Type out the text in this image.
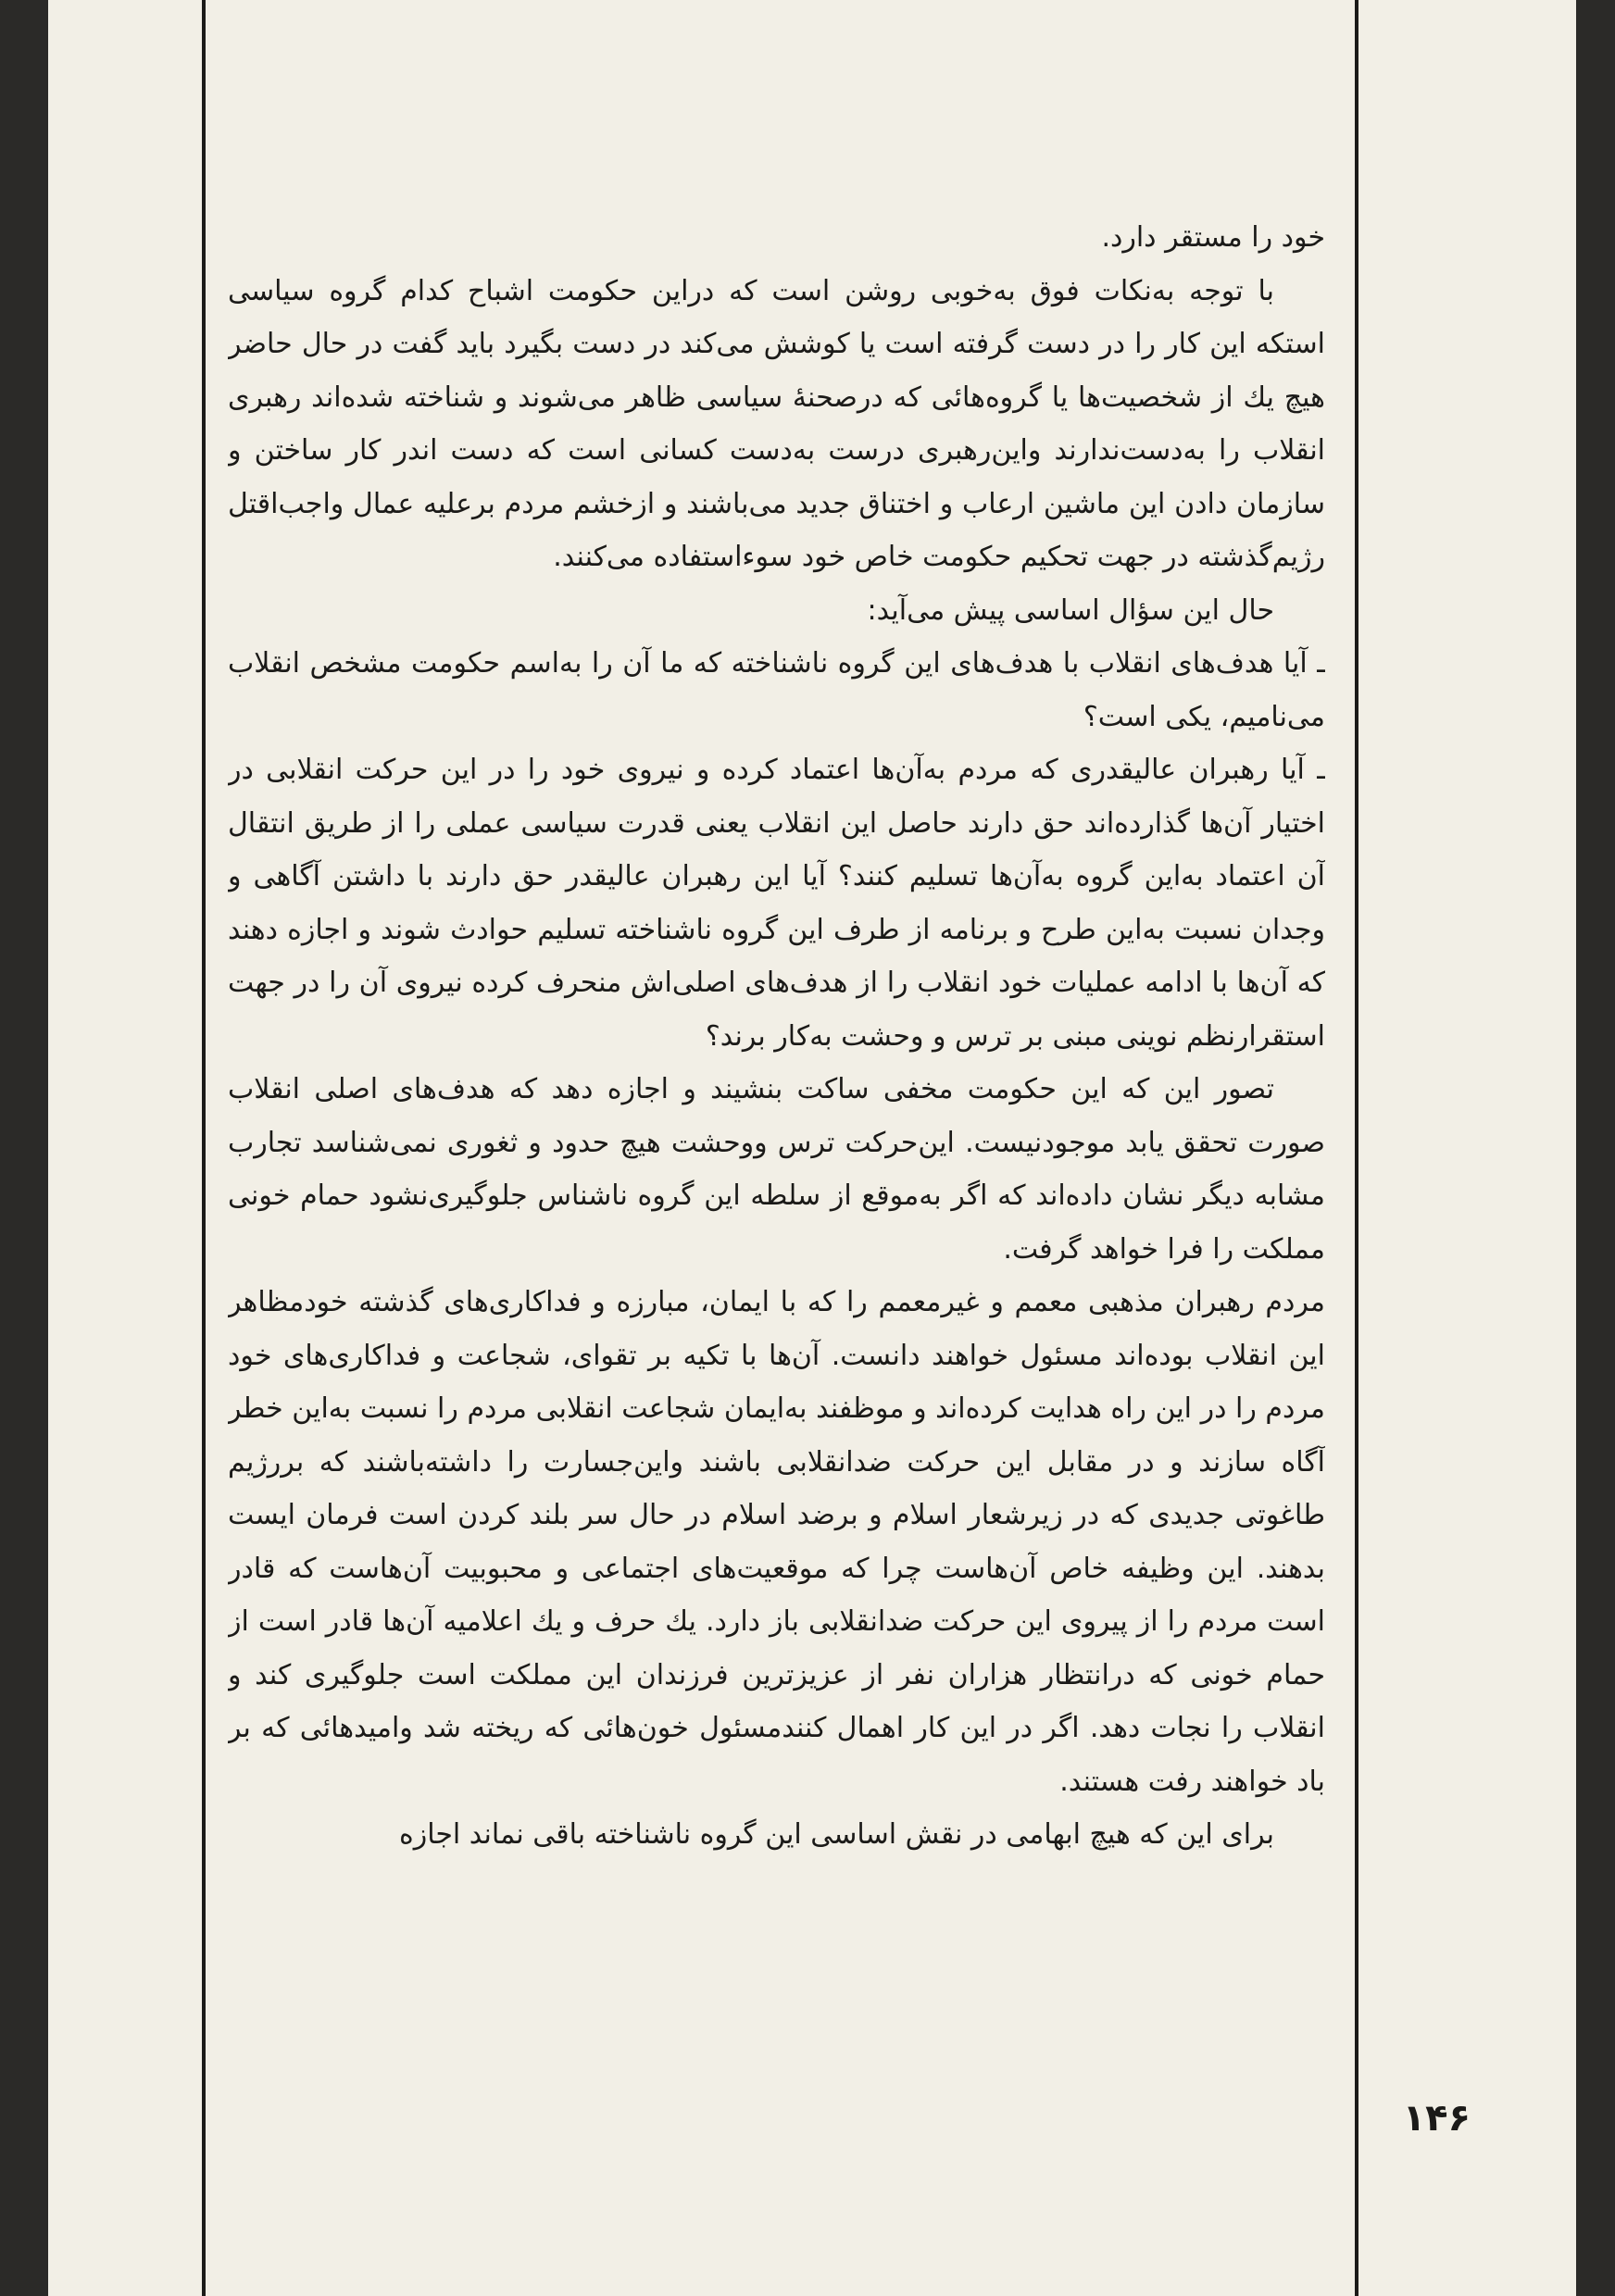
خود را مستقر دارد.

با توجه به‌نکات فوق به‌خوبی روشن است که دراین حکومت اشباح کدام گروه سیاسی استکه این کار را در دست گرفته است یا کوشش می‌کند در دست بگیرد باید گفت در حال حاضر هیچ یك از شخصیت‌ها یا گروه‌هائی که درصحنهٔ سیاسی ظاهر می‌شوند و شناخته شده‌اند رهبری انقلاب را به‌دست‌ندارند واین‌رهبری درست به‌دست کسانی است که دست اندر کار ساختن و سازمان دادن این ماشین ارعاب و اختناق جدید می‌باشند و ازخشم مردم برعلیه عمال واجب‌اقتل رژیم‌گذشته در جهت تحکیم حکومت خاص خود سوءاستفاده می‌کنند.

حال این سؤال اساسی پیش می‌آید:

ـ آیا هدف‌های انقلاب با هدف‌های این گروه ناشناخته که ما آن را به‌اسم حکومت مشخص انقلاب می‌نامیم، یکی است؟

ـ آیا رهبران عالیقدری که مردم به‌آن‌ها اعتماد کرده و نیروی خود را در این حرکت انقلابی در اختیار آن‌ها گذارده‌اند حق دارند حاصل این انقلاب یعنی قدرت سیاسی عملی را از طریق انتقال آن اعتماد به‌این گروه به‌آن‌ها تسلیم کنند؟ آیا این رهبران عالیقدر حق دارند با داشتن آگاهی و وجدان نسبت به‌این طرح و برنامه از طرف این گروه ناشناخته تسلیم حوادث شوند و اجازه دهند که آن‌ها با ادامه عملیات خود انقلاب را از هدف‌های اصلی‌اش منحرف کرده نیروی آن را در جهت استقرارنظم نوینی مبنی بر ترس و وحشت به‌کار برند؟

تصور این که این حکومت مخفی ساکت بنشیند و اجازه دهد که هدف‌های اصلی انقلاب صورت تحقق یابد موجودنیست. این‌حرکت ترس ووحشت هیچ حدود و ثغوری نمی‌شناسد تجارب مشابه دیگر نشان داده‌اند که اگر به‌موقع از سلطه این گروه ناشناس جلوگیری‌نشود حمام خونی مملکت را فرا خواهد گرفت.

مردم رهبران مذهبی معمم و غیرمعمم را که با ایمان، مبارزه و فداکاری‌های گذشته خودمظاهر این انقلاب بوده‌اند مسئول خواهند دانست. آن‌ها با تکیه بر تقوای، شجاعت و فداکاری‌های خود مردم را در این راه هدایت کرده‌اند و موظفند به‌ایمان شجاعت انقلابی مردم را نسبت به‌این خطر آگاه سازند و در مقابل این حرکت ضدانقلابی باشند واین‌جسارت را داشته‌باشند که بررژیم طاغوتی جدیدی که در زیرشعار اسلام و برضد اسلام در حال سر بلند کردن است فرمان ایست بدهند. این وظیفه خاص آن‌هاست چرا که موقعیت‌های اجتماعی و محبوبیت آن‌هاست که قادر است مردم را از پیروی این حرکت ضدانقلابی باز دارد. یك حرف و یك اعلامیه آن‌ها قادر است از حمام خونی که درانتظار هزاران نفر از عزیزترین فرزندان این مملکت است جلوگیری کند و انقلاب را نجات دهد. اگر در این کار اهمال کنندمسئول خون‌هائی که ریخته شد وامیدهائی که بر باد خواهند رفت هستند.

برای این که هیچ ابهامی در نقش اساسی این گروه ناشناخته باقی نماند اجازه

۱۴۶
